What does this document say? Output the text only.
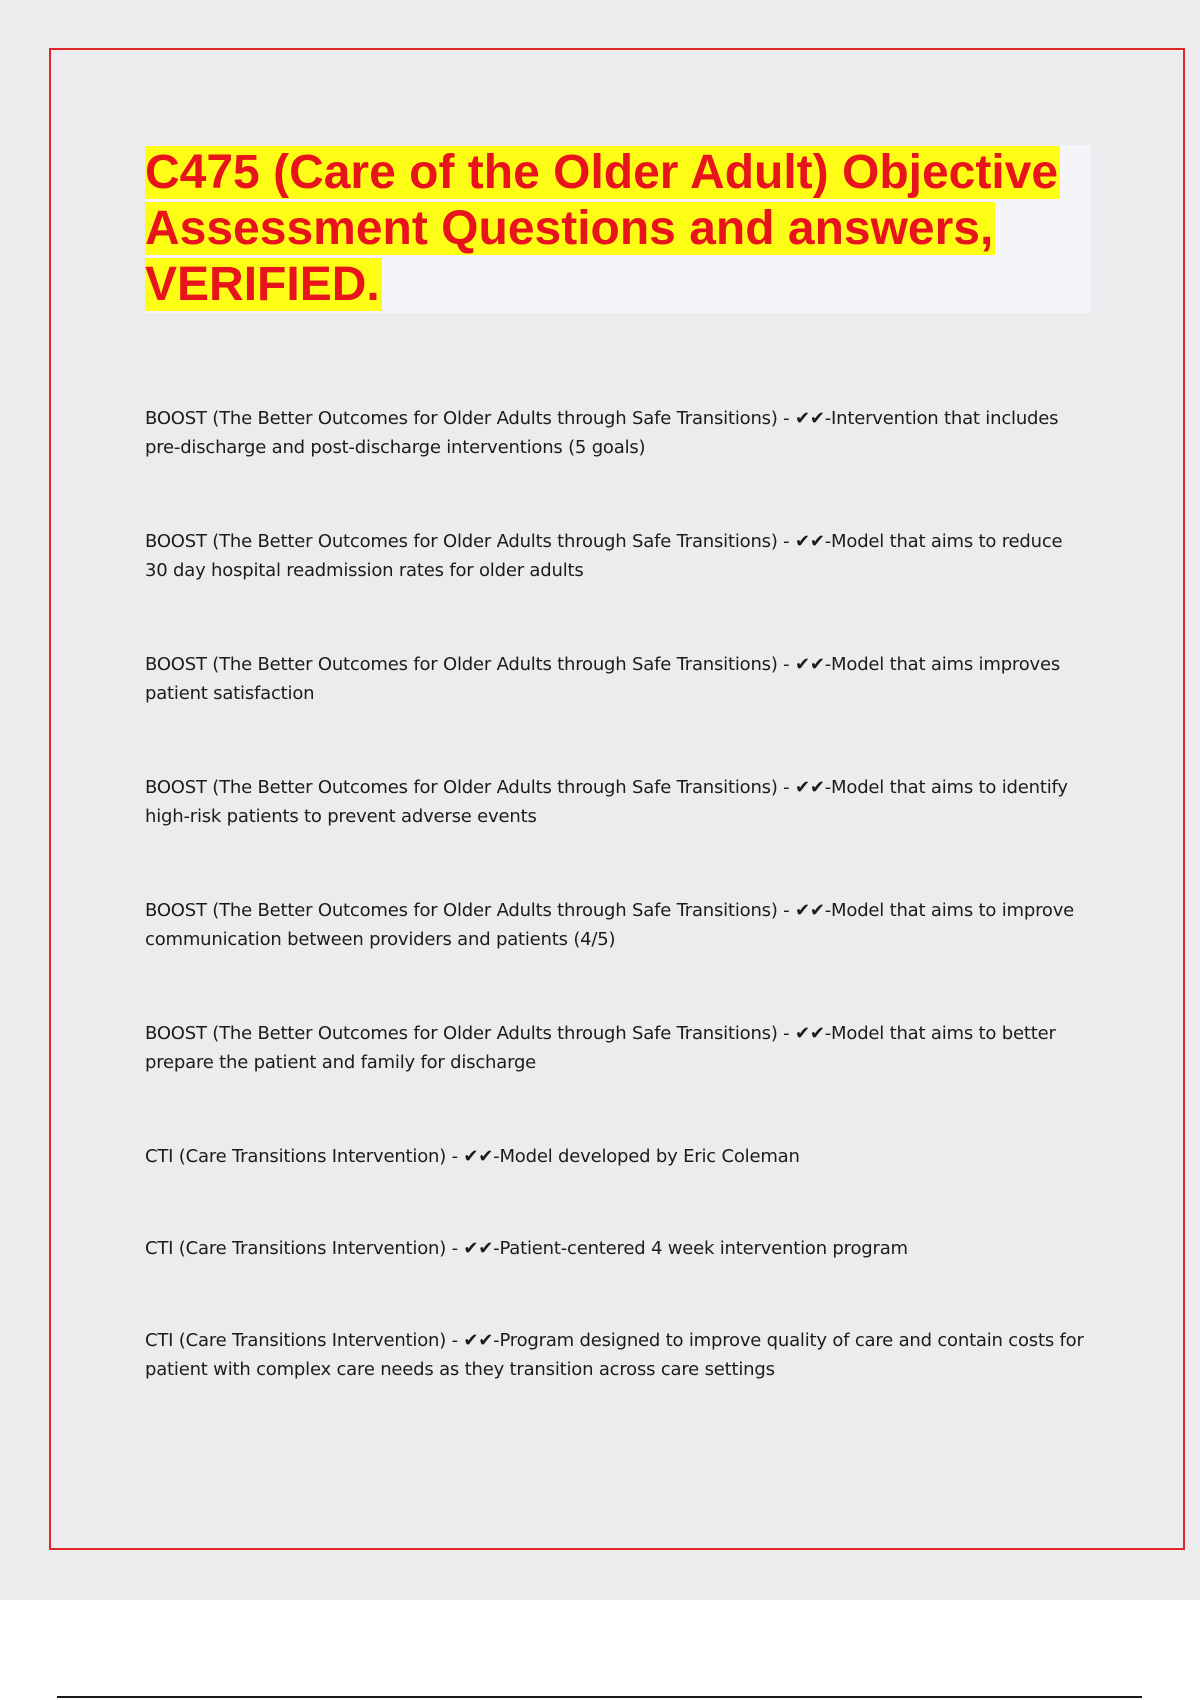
C475 (Care of the Older Adult) Objective
Assessment Questions and answers,
VERIFIED.
BOOST (The Better Outcomes for Older Adults through Safe Transitions) - ✔✔-Intervention that includes pre-discharge and post-discharge interventions (5 goals)
BOOST (The Better Outcomes for Older Adults through Safe Transitions) - ✔✔-Model that aims to reduce 30 day hospital readmission rates for older adults
BOOST (The Better Outcomes for Older Adults through Safe Transitions) - ✔✔-Model that aims improves patient satisfaction
BOOST (The Better Outcomes for Older Adults through Safe Transitions) - ✔✔-Model that aims to identify high-risk patients to prevent adverse events
BOOST (The Better Outcomes for Older Adults through Safe Transitions) - ✔✔-Model that aims to improve communication between providers and patients (4/5)
BOOST (The Better Outcomes for Older Adults through Safe Transitions) - ✔✔-Model that aims to better prepare the patient and family for discharge
CTI (Care Transitions Intervention) - ✔✔-Model developed by Eric Coleman
CTI (Care Transitions Intervention) - ✔✔-Patient-centered 4 week intervention program
CTI (Care Transitions Intervention) - ✔✔-Program designed to improve quality of care and contain costs for patient with complex care needs as they transition across care settings
